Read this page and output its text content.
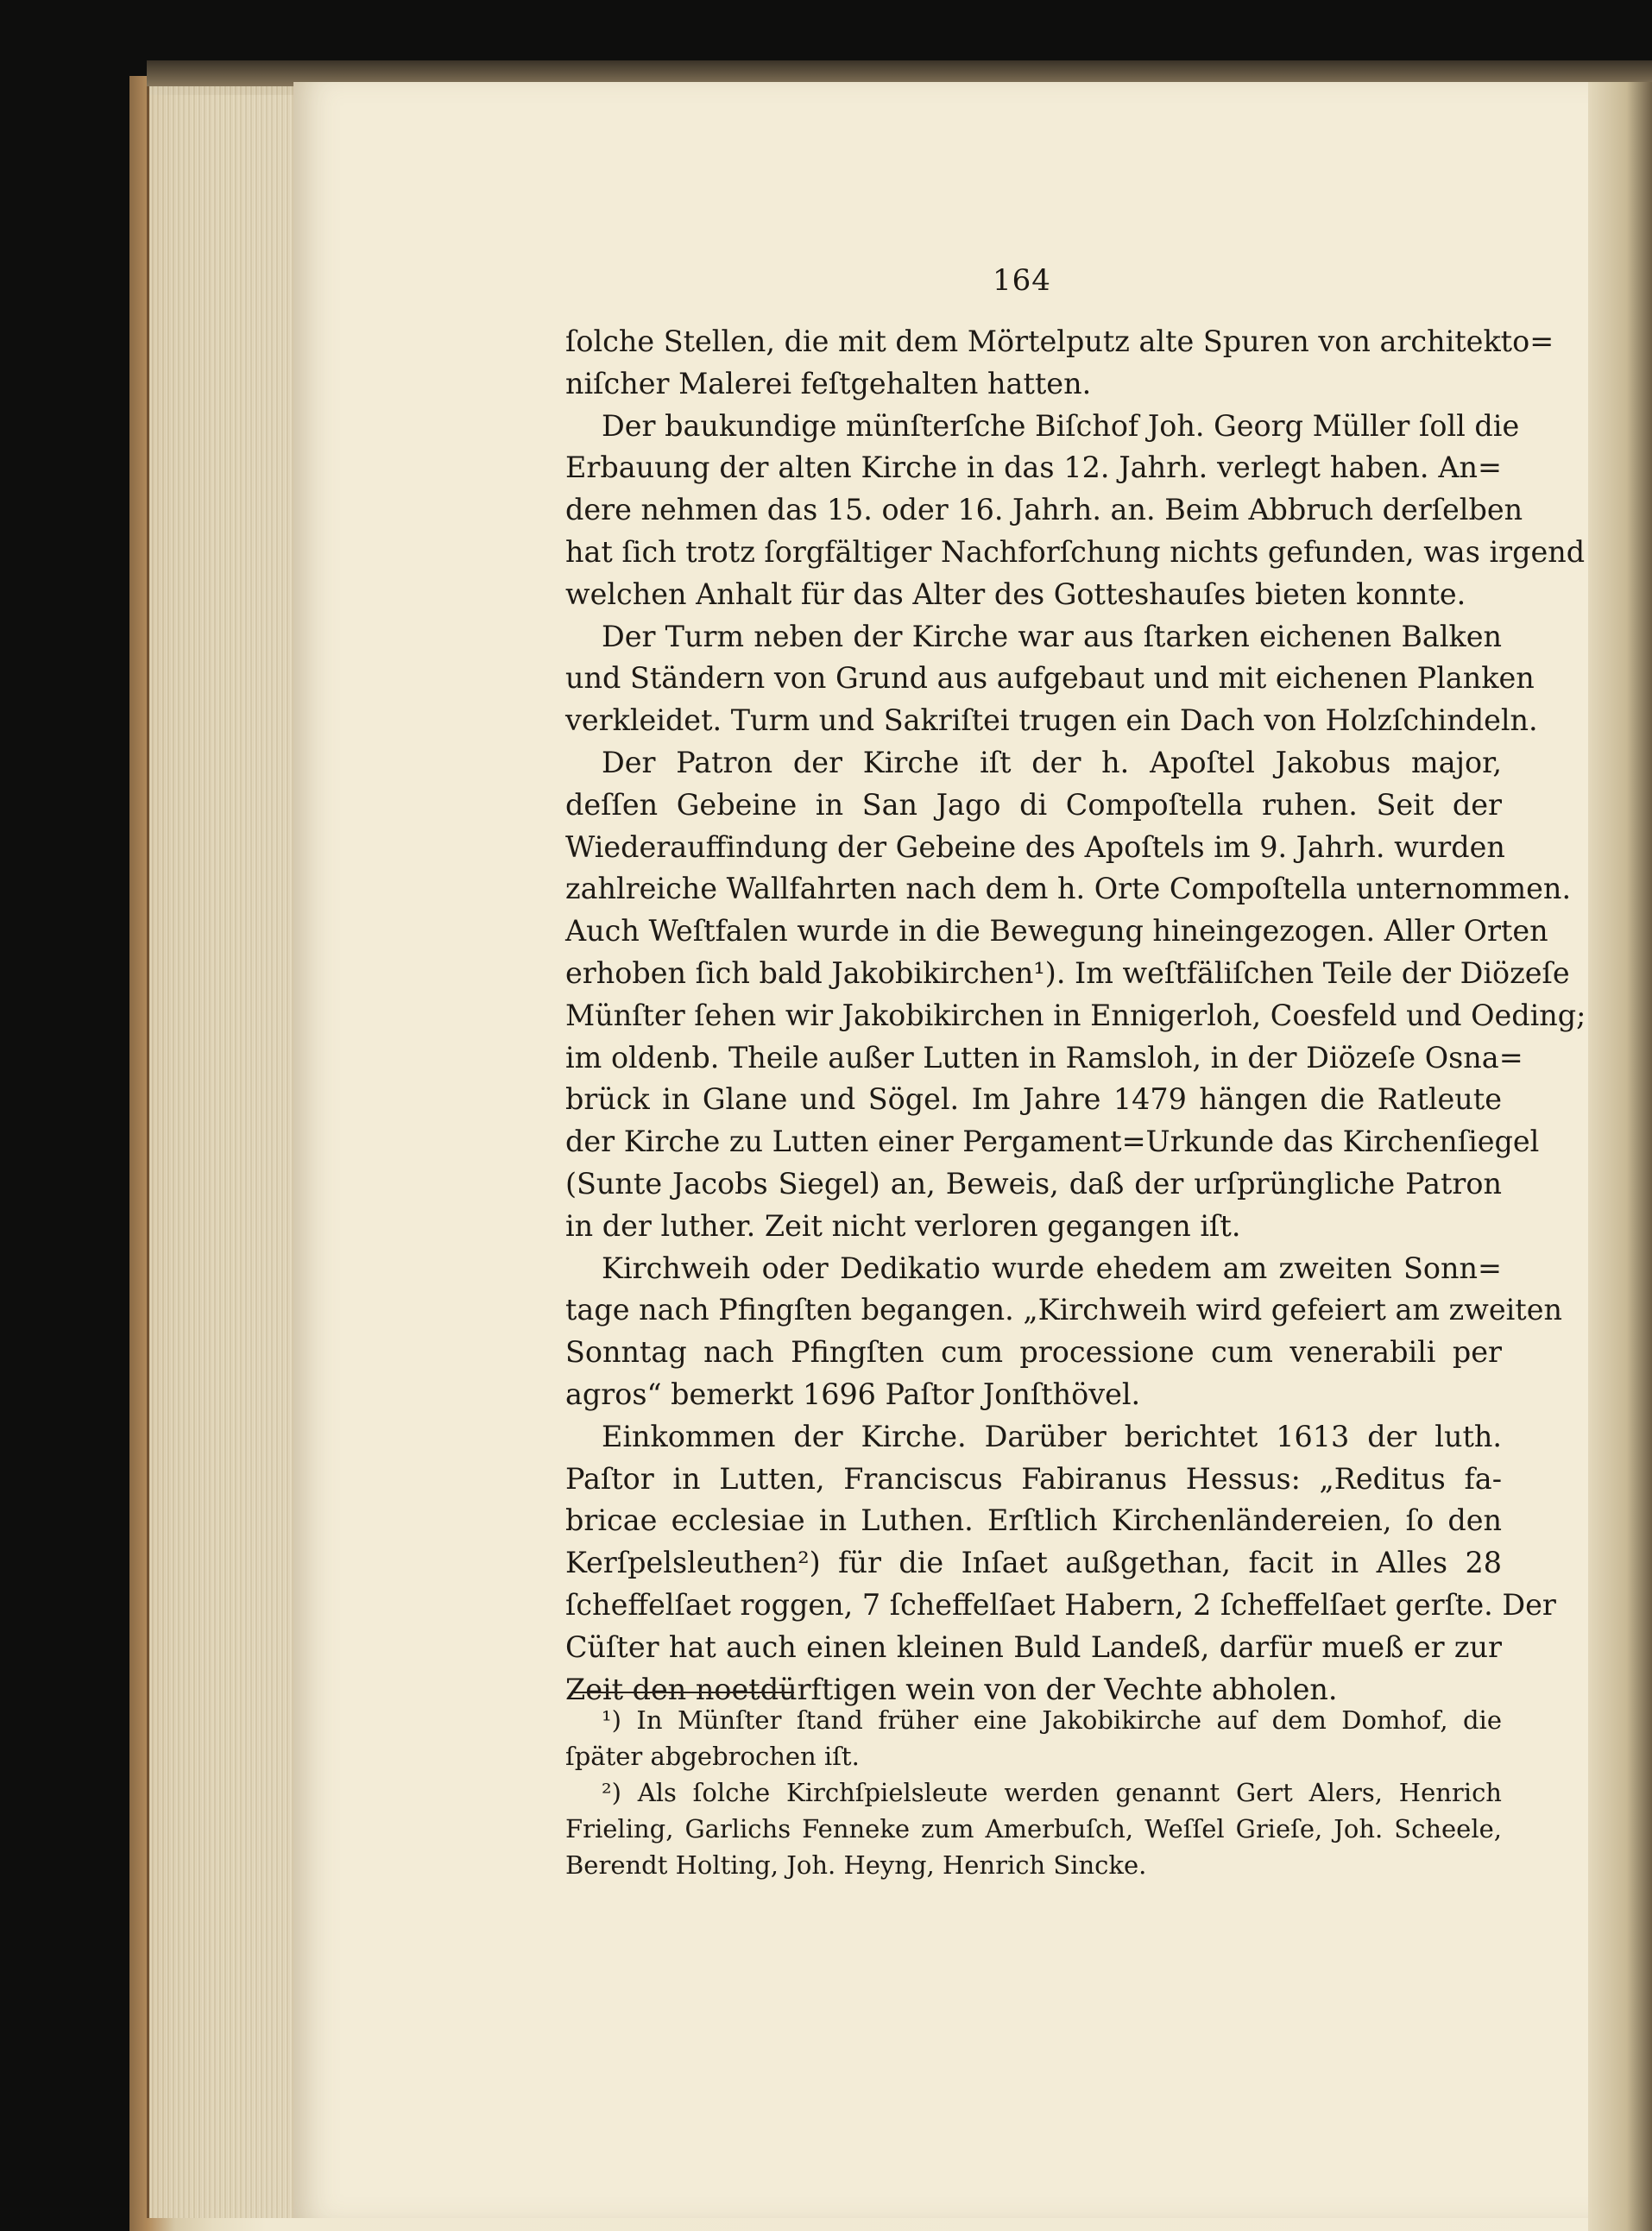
164
ſolche Stellen, die mit dem Mörtelputz alte Spuren von architekto=
niſcher Malerei feſtgehalten hatten.
Der baukundige münſterſche Biſchof Joh. Georg Müller ſoll die
Erbauung der alten Kirche in das 12. Jahrh. verlegt haben. An=
dere nehmen das 15. oder 16. Jahrh. an. Beim Abbruch derſelben
hat ſich trotz ſorgfältiger Nachforſchung nichts gefunden, was irgend
welchen Anhalt für das Alter des Gotteshauſes bieten konnte.
Der Turm neben der Kirche war aus ſtarken eichenen Balken
und Ständern von Grund aus aufgebaut und mit eichenen Planken
verkleidet. Turm und Sakriſtei trugen ein Dach von Holzſchindeln.
Der Patron der Kirche iſt der h. Apoſtel Jakobus major,
deſſen Gebeine in San Jago di Compoſtella ruhen. Seit der
Wiederauffindung der Gebeine des Apoſtels im 9. Jahrh. wurden
zahlreiche Wallfahrten nach dem h. Orte Compoſtella unternommen.
Auch Weſtfalen wurde in die Bewegung hineingezogen. Aller Orten
erhoben ſich bald Jakobikirchen¹). Im weſtfäliſchen Teile der Diözeſe
Münſter ſehen wir Jakobikirchen in Ennigerloh, Coesfeld und Oeding;
im oldenb. Theile außer Lutten in Ramsloh, in der Diözeſe Osna=
brück in Glane und Sögel. Im Jahre 1479 hängen die Ratleute
der Kirche zu Lutten einer Pergament=Urkunde das Kirchenſiegel
(Sunte Jacobs Siegel) an, Beweis, daß der urſprüngliche Patron
in der luther. Zeit nicht verloren gegangen iſt.
Kirchweih oder Dedikatio wurde ehedem am zweiten Sonn=
tage nach Pfingſten begangen. „Kirchweih wird gefeiert am zweiten
Sonntag nach Pfingſten cum processione cum venerabili per
agros“ bemerkt 1696 Paſtor Jonſthövel.
Einkommen der Kirche. Darüber berichtet 1613 der luth.
Paſtor in Lutten, Franciscus Fabiranus Hessus: „Reditus fa-
bricae ecclesiae in Luthen. Erſtlich Kirchenländereien, ſo den
Kerſpelsleuthen²) für die Inſaet außgethan, facit in Alles 28
ſcheffelſaet roggen, 7 ſcheffelſaet Habern, 2 ſcheffelſaet gerſte. Der
Cüſter hat auch einen kleinen Buld Landeß, darfür mueß er zur
Zeit den noetdürftigen wein von der Vechte abholen.
¹) In Münſter ſtand früher eine Jakobikirche auf dem Domhof, die
ſpäter abgebrochen iſt.
²) Als ſolche Kirchſpielsleute werden genannt Gert Alers, Henrich
Frieling, Garlichs Fenneke zum Amerbuſch, Weſſel Grieſe, Joh. Scheele,
Berendt Holting, Joh. Heyng, Henrich Sincke.
